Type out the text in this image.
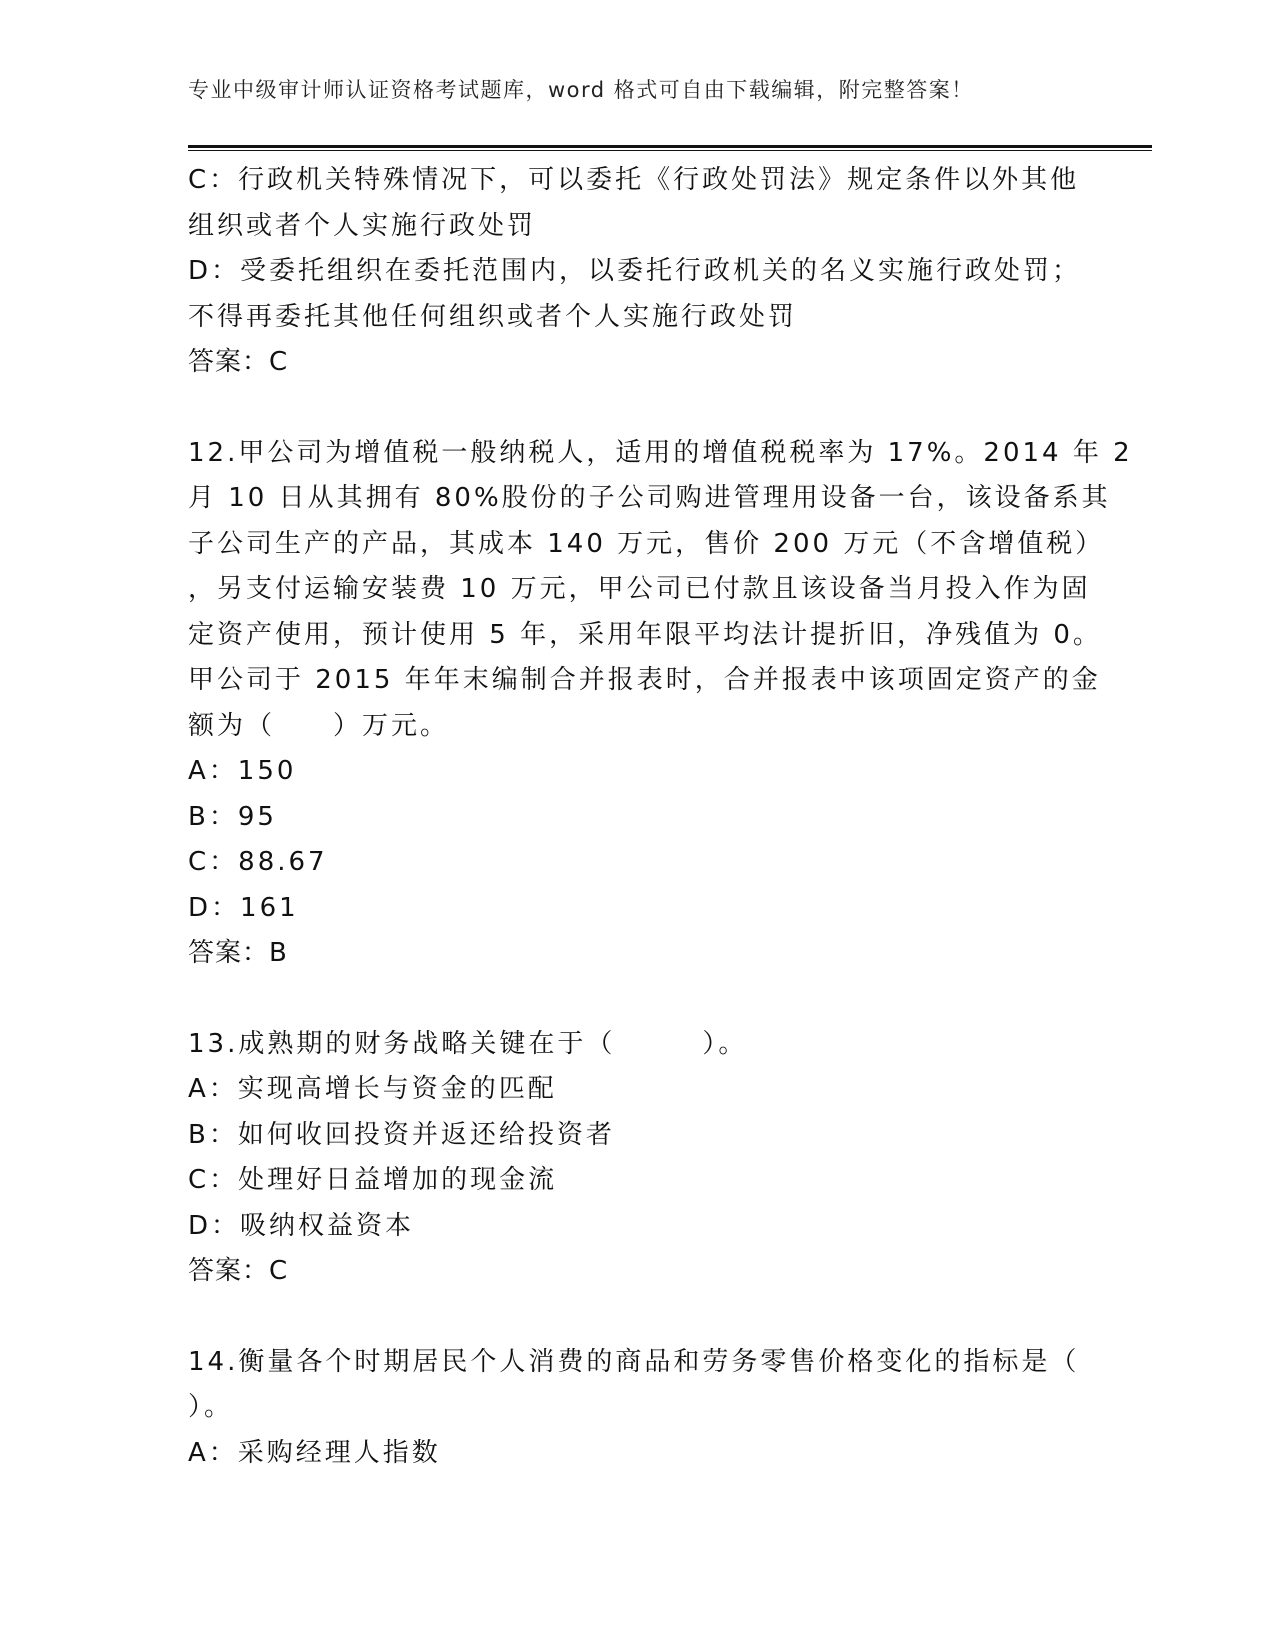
专业中级审计师认证资格考试题库，word 格式可自由下载编辑，附完整答案！
C：行政机关特殊情况下，可以委托《行政处罚法》规定条件以外其他
组织或者个人实施行政处罚
D：受委托组织在委托范围内，以委托行政机关的名义实施行政处罚；
不得再委托其他任何组织或者个人实施行政处罚
答案：C
12.甲公司为增值税一般纳税人，适用的增值税税率为 17%。2014 年 2
月 10 日从其拥有 80%股份的子公司购进管理用设备一台，该设备系其
子公司生产的产品，其成本 140 万元，售价 200 万元（不含增值税）
，另支付运输安装费 10 万元，甲公司已付款且该设备当月投入作为固
定资产使用，预计使用 5 年，采用年限平均法计提折旧，净残值为 0。
甲公司于 2015 年年末编制合并报表时，合并报表中该项固定资产的金
额为（　　）万元。
A：150
B：95
C：88.67
D：161
答案：B
13.成熟期的财务战略关键在于（　　　）。
A：实现高增长与资金的匹配
B：如何收回投资并返还给投资者
C：处理好日益增加的现金流
D：吸纳权益资本
答案：C
14.衡量各个时期居民个人消费的商品和劳务零售价格变化的指标是（
）。
A：采购经理人指数
